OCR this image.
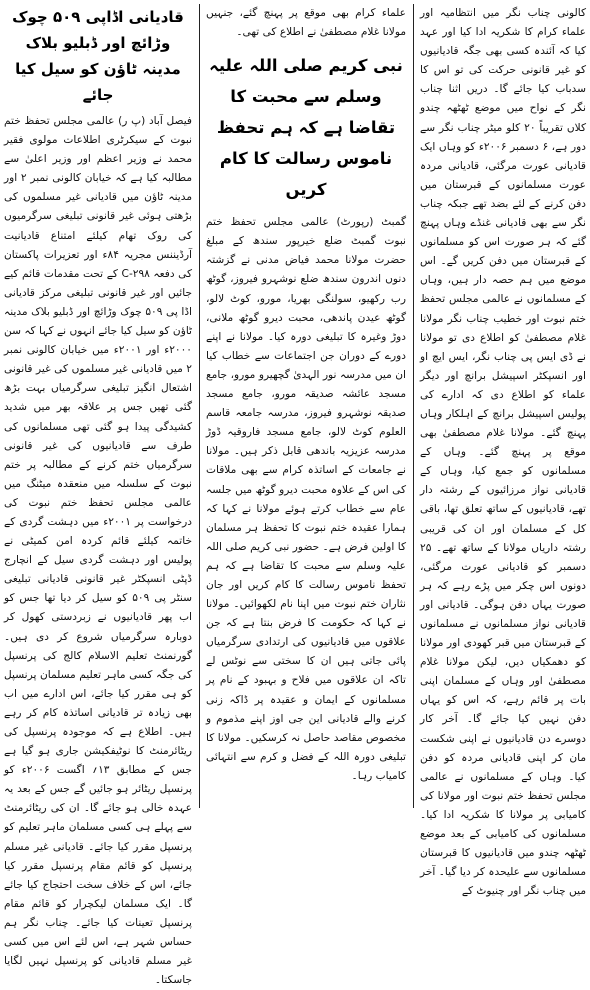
کالونی چناب نگر میں انتظامیہ اور علماء کرام کا شکریہ ادا کیا اور عہد کیا کہ آئندہ کسی بھی جگہ قادیانیوں کو غیر قانونی حرکت کی تو اس کا سدباب کیا جائے گا۔ دریں اثنا چناب نگر کے نواح میں موضع ٹھٹھہ چندو کلاں تقریباً ۲۰ کلو میٹر چناب نگر سے دور ہے، ۶ دسمبر ۲۰۰۶ء کو وہاں ایک قادیانی عورت مرگئی، قادیانی مردہ عورت مسلمانوں کے قبرستان میں دفن کرنے کے لئے بضد تھے جبکہ چناب نگر سے بھی قادیانی غنڈے وہاں پہنچ گئے کہ ہر صورت اس کو مسلمانوں کے قبرستان میں دفن کریں گے۔ اس موضع میں ہم حصہ دار ہیں، وہاں کے مسلمانوں نے عالمی مجلس تحفظ ختم نبوت اور خطیب چناب نگر مولانا غلام مصطفیٰ کو اطلاع دی تو مولانا نے ڈی ایس پی چناب نگر، ایس ایچ او اور انسپکٹر اسپیشل برانچ اور دیگر علماء کو اطلاع دی کہ ادارے کی پولیس اسپیشل برانچ کے اہلکار وہاں پہنچ گئے۔ مولانا غلام مصطفیٰ بھی موقع پر پہنچ گئے۔ وہاں کے مسلمانوں کو جمع کیا، وہاں کے قادیانی نواز مرزائیوں کے رشتہ دار تھے، قادیانیوں کے ساتھ تعلق تھا، باقی کل کے مسلمان اور ان کی قریبی رشتہ داریاں مولانا کے ساتھ تھے۔ ۲۵ دسمبر کو قادیانی عورت مرگئی، دونوں اس چکر میں پڑے رہے کہ ہر صورت یہاں دفن ہوگی۔ قادیانی اور قادیانی نواز مسلمانوں نے مسلمانوں کے قبرستان میں قبر کھودی اور مولانا کو دھمکیاں دیں، لیکن مولانا غلام مصطفیٰ اور وہاں کے مسلمان اپنی بات پر قائم رہے، کہ اس کو یہاں دفن نہیں کیا جائے گا۔ آخر کار دوسرے دن قادیانیوں نے اپنی شکست مان کر اپنی قادیانی مردہ کو دفن کیا۔ وہاں کے مسلمانوں نے عالمی مجلس تحفظ ختم نبوت اور مولانا کی کامیابی پر مولانا کا شکریہ ادا کیا۔ مسلمانوں کی کامیابی کے بعد موضع ٹھٹھہ چندو میں قادیانیوں کا قبرستان مسلمانوں سے علیحدہ کر دیا گیا۔ آخر میں چناب نگر اور چنیوٹ کے

علماء کرام بھی موقع پر پہنچ گئے، جنہیں مولانا غلام مصطفیٰ نے اطلاع کی تھی۔

نبی کریم صلی اللہ علیہ وسلم سے محبت کا تقاضا ہے کہ ہم تحفظ ناموس رسالت کا کام کریں

گمبٹ (رپورٹ) عالمی مجلس تحفظ ختم نبوت گمبٹ ضلع خیرپور سندھ کے مبلغ حضرت مولانا محمد فیاض مدنی نے گزشتہ دنوں اندرون سندھ ضلع نوشہرو فیروز، گوٹھ رب رکھیو، سولنگی بھریا، مورو، کوٹ لالو، گوٹھ عیدن پاندھی، محبت دیرو گوٹھ ملانی، دوڑ وغیرہ کا تبلیغی دورہ کیا۔ مولانا نے اپنے دورے کے دوران جن اجتماعات سے خطاب کیا ان میں مدرسہ نور الہدیٰ گچھیرو مورو، جامع مسجد عائشہ صدیقہ مورو، جامع مسجد صدیقہ نوشہرو فیروز، مدرسہ جامعہ قاسم العلوم کوٹ لالو، جامع مسجد فاروقیہ ڈوڑ مدرسہ عزیزیہ باندھی قابل ذکر ہیں۔ مولانا نے جامعات کے اساتذہ کرام سے بھی ملاقات کی اس کے علاوہ محبت دیرو گوٹھ میں جلسہ عام سے خطاب کرتے ہوئے مولانا نے کہا کہ ہمارا عقیدہ ختم نبوت کا تحفظ ہر مسلمان کا اولین فرض ہے۔ حضور نبی کریم صلی اللہ علیہ وسلم سے محبت کا تقاضا ہے کہ ہم تحفظ ناموس رسالت کا کام کریں اور جان نثاران ختم نبوت میں اپنا نام لکھوائیں۔ مولانا نے کہا کہ حکومت کا فرض بنتا ہے کہ جن علاقوں میں قادیانیوں کی ارتدادی سرگرمیاں پائی جاتی ہیں ان کا سختی سے نوٹس لے تاکہ ان علاقوں میں فلاح و بہبود کے نام پر مسلمانوں کے ایمان و عقیدہ پر ڈاکہ زنی کرنے والے قادیانی این جی اوز اپنے مذموم و مخصوص مقاصد حاصل نہ کرسکیں۔ مولانا کا تبلیغی دورہ اللہ کے فضل و کرم سے انتہائی کامیاب رہا۔

قادیانی اڈاپی ۵۰۹ چوک وڑائچ اور ڈبلیو بلاک مدینہ ٹاؤن کو سیل کیا جائے

فیصل آباد (پ ر) عالمی مجلس تحفظ ختم نبوت کے سیکرٹری اطلاعات مولوی فقیر محمد نے وزیر اعظم اور وزیر اعلیٰ سے مطالبہ کیا ہے کہ خیابان کالونی نمبر ۲ اور مدینہ ٹاؤن میں قادیانی غیر مسلموں کی بڑھتی ہوئی غیر قانونی تبلیغی سرگرمیوں کی روک تھام کیلئے امتناع قادیانیت آرڈیننس مجریہ ۸۴ء اور تعزیرات پاکستان کی دفعہ ۲۹۸-C کے تحت مقدمات قائم کیے جائیں اور غیر قانونی تبلیغی مرکز قادیانی اڈا پی ۵۰۹ چوک وڑائچ اور ڈبلیو بلاک مدینہ ٹاؤن کو سیل کیا جائے انہوں نے کہا کہ سن ۲۰۰۰ء اور ۲۰۰۱ء میں خیابان کالونی نمبر ۲ میں قادیانی غیر مسلموں کی غیر قانونی اشتعال انگیز تبلیغی سرگرمیاں بہت بڑھ گئی تھیں جس پر علاقہ بھر میں شدید کشیدگی پیدا ہو گئی تھی مسلمانوں کی طرف سے قادیانیوں کی غیر قانونی سرگرمیاں ختم کرنے کے مطالبہ پر ختم نبوت کے سلسلہ میں منعقدہ میٹنگ میں عالمی مجلس تحفظ ختم نبوت کی درخواست پر ۲۰۰۱ء میں دہشت گردی کے خاتمہ کیلئے قائم کردہ امن کمیٹی نے پولیس اور دہشت گردی سیل کے انچارج ڈپٹی انسپکٹر غیر قانونی قادیانی تبلیغی سنٹر پی ۵۰۹ کو سیل کر دیا تھا جس کو اب پھر قادیانیوں نے زبردستی کھول کر دوبارہ سرگرمیاں شروع کر دی ہیں۔ گورنمنٹ تعلیم الاسلام کالج کی پرنسپل کی جگہ کسی ماہر تعلیم مسلمان پرنسپل کو ہی مقرر کیا جائے، اس ادارے میں اب بھی زیادہ تر قادیانی اساتذہ کام کر رہے ہیں۔ اطلاع ہے کہ موجودہ پرنسپل کی ریٹائرمنٹ کا نوٹیفکیشن جاری ہو گیا ہے جس کے مطابق ۱۳؍ اگست ۲۰۰۶ء کو پرنسپل ریٹائر ہو جائیں گے جس کے بعد یہ عہدہ خالی ہو جائے گا۔ ان کی ریٹائرمنٹ سے پہلے ہی کسی مسلمان ماہر تعلیم کو پرنسپل مقرر کیا جائے۔ قادیانی غیر مسلم پرنسپل کو قائم مقام پرنسپل مقرر کیا جائے، اس کے خلاف سخت احتجاج کیا جائے گا۔ ایک مسلمان لیکچرار کو قائم مقام پرنسپل تعینات کیا جائے۔ چناب نگر ہم حساس شہر ہے، اس لئے اس میں کسی غیر مسلم قادیانی کو پرنسپل نہیں لگایا جاسکتا۔
